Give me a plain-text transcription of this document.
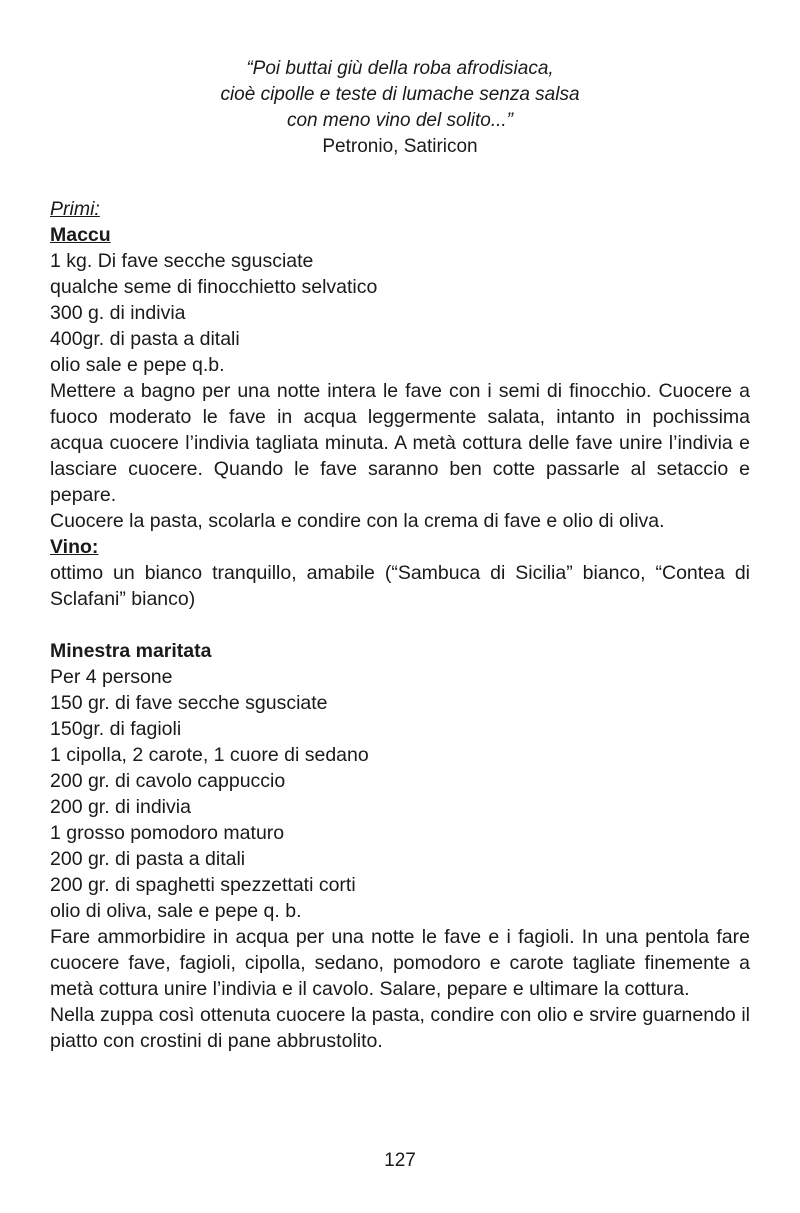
“Poi buttai giù della roba afrodisiaca,
cioè cipolle e teste di lumache senza salsa
con meno vino del solito...”
Petronio, Satiricon
Primi:
Maccu
1 kg. Di fave secche sgusciate
qualche seme di finocchietto selvatico
300 g. di indivia
400gr. di pasta a ditali
olio sale e pepe q.b.
Mettere a bagno per una notte intera le fave con i semi di finocchio. Cuocere a fuoco moderato le fave in acqua leggermente salata, intanto in pochissima acqua cuocere l’indivia tagliata minuta. A metà cottura delle fave unire l’indivia e lasciare cuocere. Quando le fave saranno ben cotte passarle al setaccio e pepare.
Cuocere la pasta, scolarla e condire con la crema di fave e olio di oliva.
Vino:
ottimo un bianco tranquillo, amabile (“Sambuca di Sicilia” bianco, “Contea di Sclafani” bianco)
Minestra maritata
Per 4 persone
150 gr. di fave secche sgusciate
150gr. di fagioli
1 cipolla, 2 carote, 1 cuore di sedano
200 gr. di cavolo cappuccio
200 gr. di indivia
1 grosso pomodoro maturo
200 gr. di pasta a ditali
200 gr. di spaghetti spezzettati corti
olio di oliva, sale e pepe q. b.
Fare ammorbidire in acqua per una notte le fave e i fagioli. In una pentola fare cuocere fave, fagioli, cipolla, sedano, pomodoro e carote tagliate finemente a metà cottura unire l’indivia e il cavolo. Salare, pepare e ultimare la cottura.
Nella zuppa così ottenuta cuocere la pasta, condire con olio e srvire guarnendo il piatto con crostini di pane abbrustolito.
127
